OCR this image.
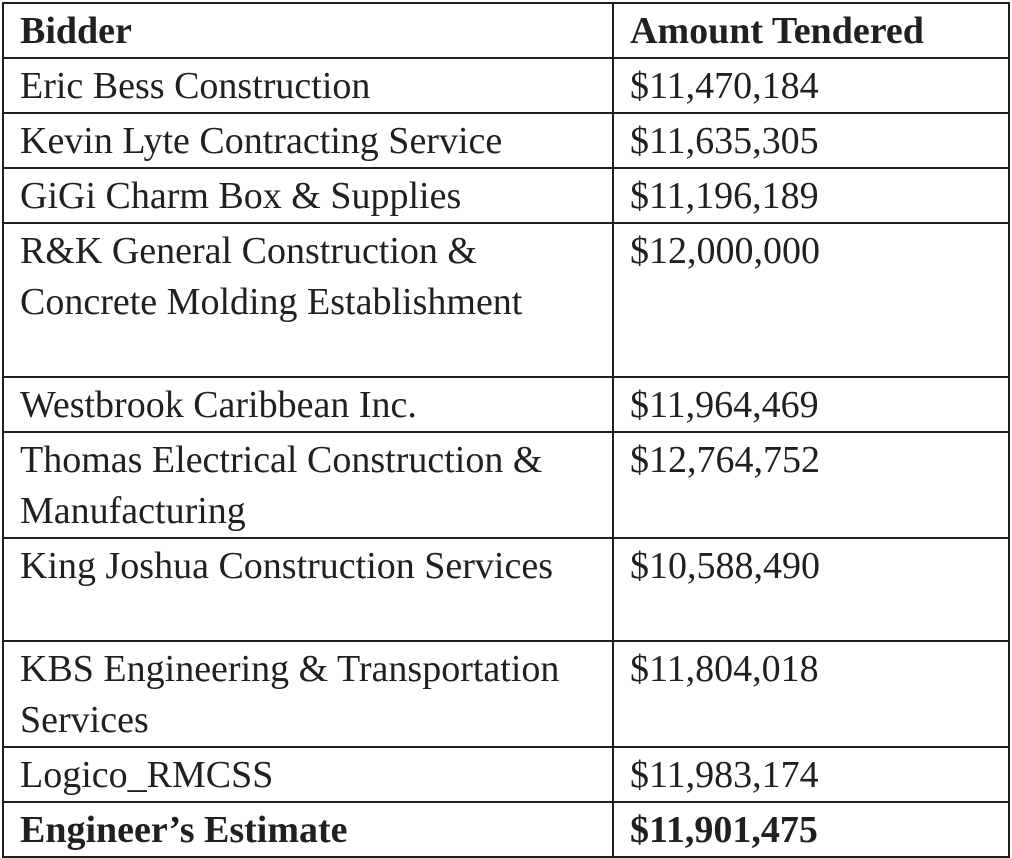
Bidder	Amount Tendered
Eric Bess Construction	$11,470,184
Kevin Lyte Contracting Service	$11,635,305
GiGi Charm Box & Supplies	$11,196,189
R&K General Construction & Concrete Molding Establishment	$12,000,000
Westbrook Caribbean Inc.	$11,964,469
Thomas Electrical Construction & Manufacturing	$12,764,752
King Joshua Construction Services	$10,588,490
KBS Engineering & Transportation Services	$11,804,018
Logico_RMCSS	$11,983,174
Engineer’s Estimate	$11,901,475
